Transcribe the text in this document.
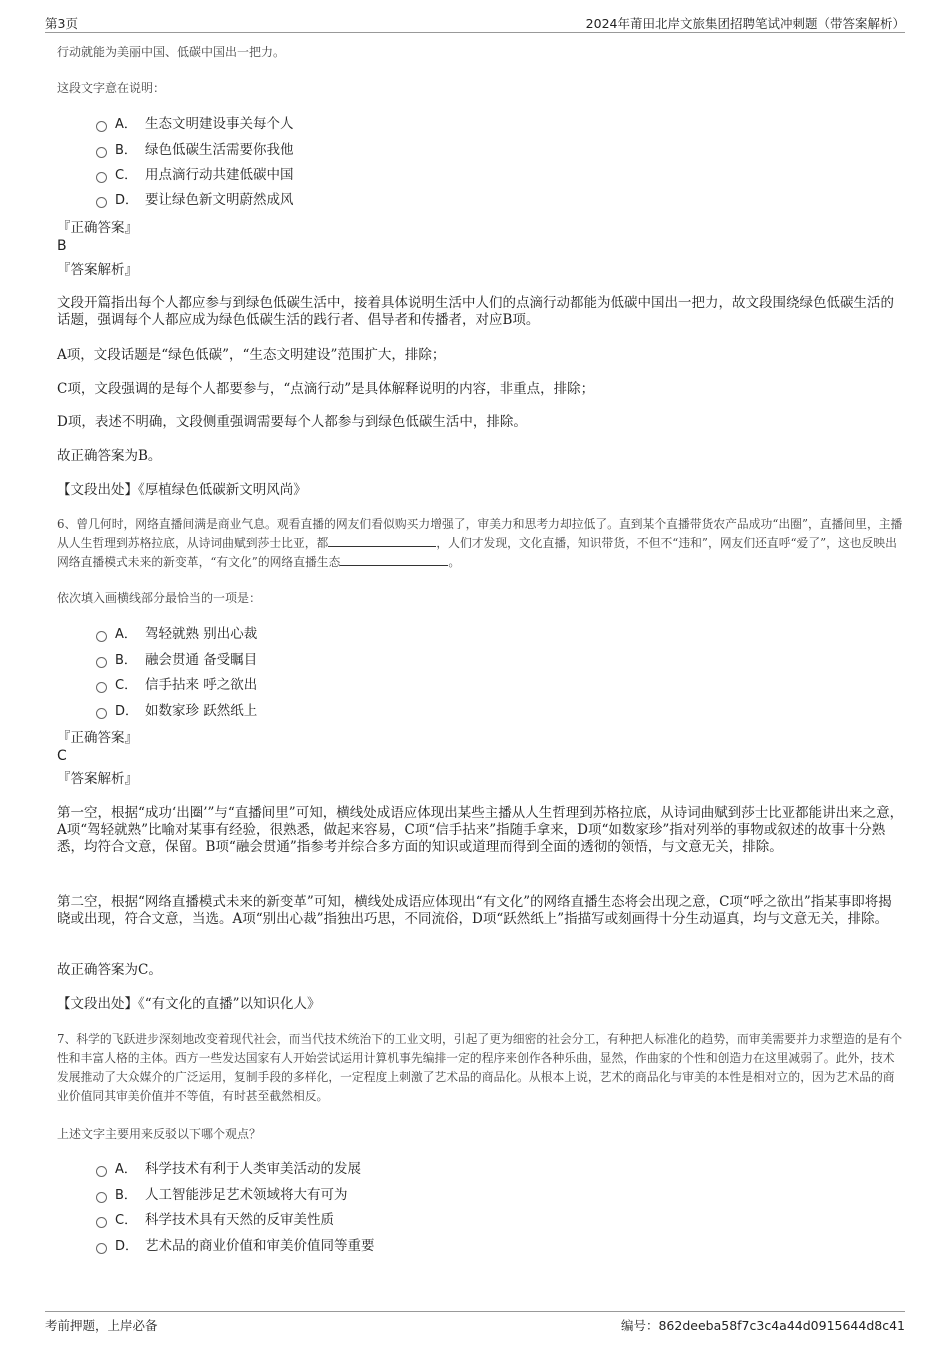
第3页	2024年莆田北岸文旅集团招聘笔试冲刺题（带答案解析）
行动就能为美丽中国、低碳中国出一把力。
这段文字意在说明：
A． 生态文明建设事关每个人
B． 绿色低碳生活需要你我他
C． 用点滴行动共建低碳中国
D． 要让绿色新文明蔚然成风
『正确答案』
B
『答案解析』
文段开篇指出每个人都应参与到绿色低碳生活中，接着具体说明生活中人们的点滴行动都能为低碳中国出一把力，故文段围绕绿色低碳生活的话题，强调每个人都应成为绿色低碳生活的践行者、倡导者和传播者，对应B项。
A项，文段话题是“绿色低碳”，“生态文明建设”范围扩大，排除；
C项，文段强调的是每个人都要参与，“点滴行动”是具体解释说明的内容，非重点，排除；
D项，表述不明确，文段侧重强调需要每个人都参与到绿色低碳生活中，排除。
故正确答案为B。
【文段出处】《厚植绿色低碳新文明风尚》
6、曾几何时，网络直播间满是商业气息。观看直播的网友们看似购买力增强了，审美力和思考力却拉低了。直到某个直播带货农产品成功“出圈”，直播间里，主播从人生哲理到苏格拉底，从诗词曲赋到莎士比亚，都	，人们才发现，文化直播，知识带货，不但不“违和”，网友们还直呼“爱了”，这也反映出网络直播模式未来的新变革，“有文化”的网络直播生态	。
依次填入画横线部分最恰当的一项是：
A． 驾轻就熟 别出心裁
B． 融会贯通 备受瞩目
C． 信手拈来 呼之欲出
D． 如数家珍 跃然纸上
『正确答案』
C
『答案解析』
第一空，根据“成功‘出圈’”与“直播间里”可知，横线处成语应体现出某些主播从人生哲理到苏格拉底，从诗词曲赋到莎士比亚都能讲出来之意，A项“驾轻就熟”比喻对某事有经验，很熟悉，做起来容易，C项“信手拈来”指随手拿来，D项“如数家珍”指对列举的事物或叙述的故事十分熟悉，均符合文意，保留。B项“融会贯通”指参考并综合多方面的知识或道理而得到全面的透彻的领悟，与文意无关，排除。
第二空，根据“网络直播模式未来的新变革”可知，横线处成语应体现出“有文化”的网络直播生态将会出现之意，C项“呼之欲出”指某事即将揭晓或出现，符合文意，当选。A项“别出心裁”指独出巧思，不同流俗，D项“跃然纸上”指描写或刻画得十分生动逼真，均与文意无关，排除。
故正确答案为C。
【文段出处】《“有文化的直播”以知识化人》
7、科学的飞跃进步深刻地改变着现代社会，而当代技术统治下的工业文明，引起了更为细密的社会分工，有种把人标准化的趋势，而审美需要并力求塑造的是有个性和丰富人格的主体。西方一些发达国家有人开始尝试运用计算机事先编排一定的程序来创作各种乐曲，显然，作曲家的个性和创造力在这里减弱了。此外，技术发展推动了大众媒介的广泛运用，复制手段的多样化，一定程度上刺激了艺术品的商品化。从根本上说，艺术的商品化与审美的本性是相对立的，因为艺术品的商业价值同其审美价值并不等值，有时甚至截然相反。
上述文字主要用来反驳以下哪个观点？
A． 科学技术有利于人类审美活动的发展
B． 人工智能涉足艺术领域将大有可为
C． 科学技术具有天然的反审美性质
D． 艺术品的商业价值和审美价值同等重要
考前押题，上岸必备	编号：862deeba58f7c3c4a44d0915644d8c41
